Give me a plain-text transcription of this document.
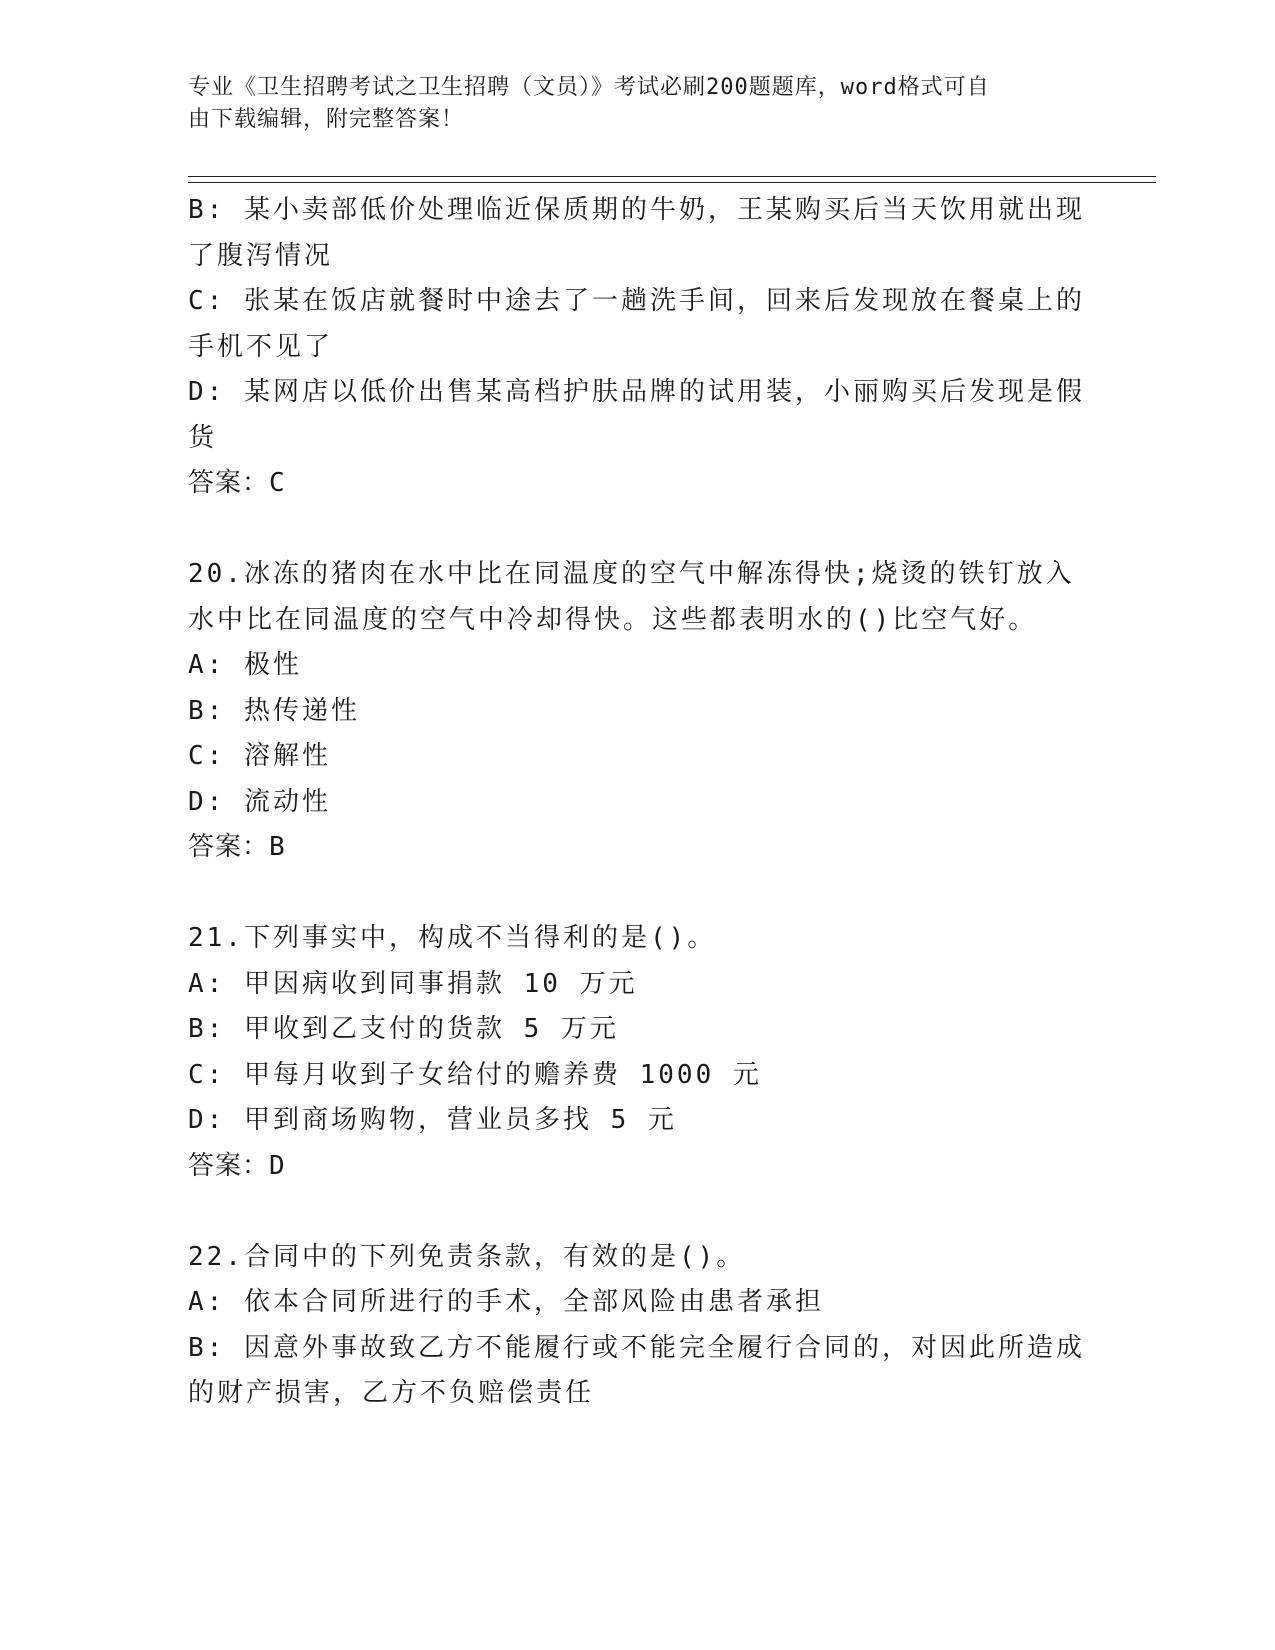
专业《卫生招聘考试之卫生招聘（文员）》考试必刷200题题库，word格式可自
由下载编辑，附完整答案！
B: 某小卖部低价处理临近保质期的牛奶，王某购买后当天饮用就出现
了腹泻情况
C: 张某在饭店就餐时中途去了一趟洗手间，回来后发现放在餐桌上的
手机不见了
D: 某网店以低价出售某高档护肤品牌的试用装，小丽购买后发现是假
货
答案：C
20.冰冻的猪肉在水中比在同温度的空气中解冻得快;烧烫的铁钉放入
水中比在同温度的空气中冷却得快。这些都表明水的()比空气好。
A: 极性
B: 热传递性
C: 溶解性
D: 流动性
答案：B
21.下列事实中，构成不当得利的是()。
A: 甲因病收到同事捐款 10 万元
B: 甲收到乙支付的货款 5 万元
C: 甲每月收到子女给付的赡养费 1000 元
D: 甲到商场购物，营业员多找 5 元
答案：D
22.合同中的下列免责条款，有效的是()。
A: 依本合同所进行的手术，全部风险由患者承担
B: 因意外事故致乙方不能履行或不能完全履行合同的，对因此所造成
的财产损害，乙方不负赔偿责任
